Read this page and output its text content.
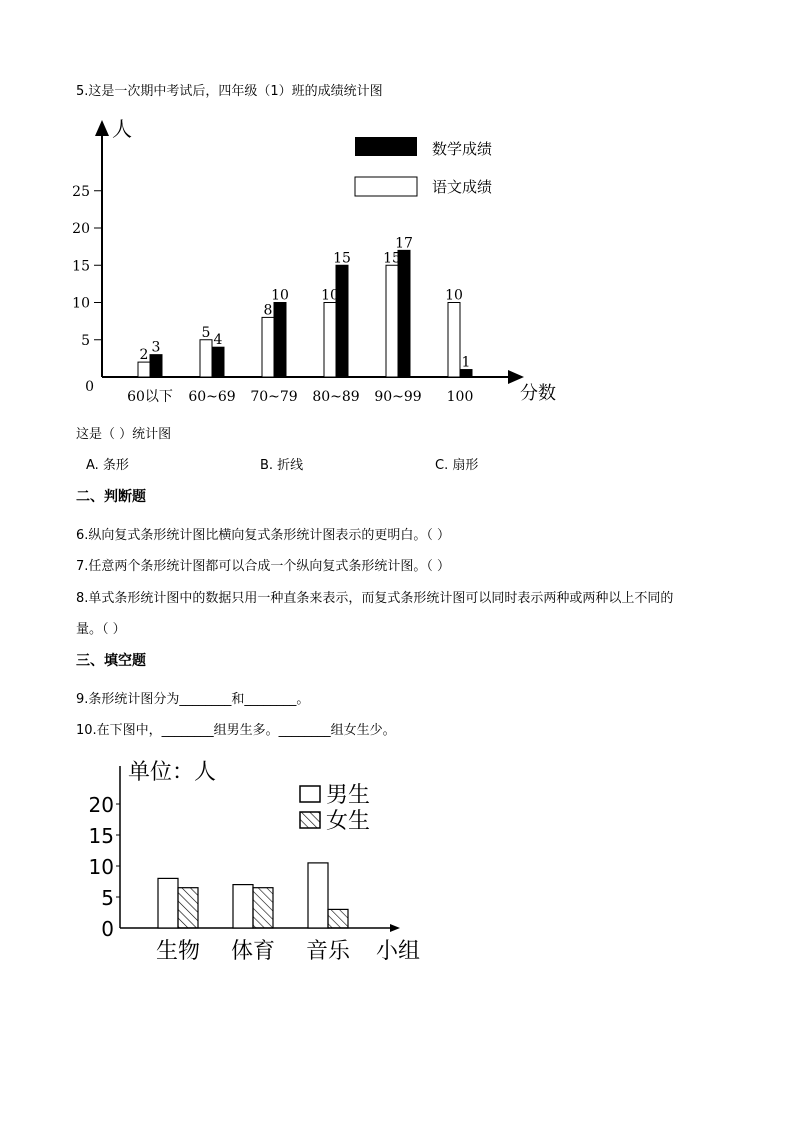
5.这是一次期中考试后，四年级（1）班的成绩统计图
人
分数
0
5
10
15
20
25
2 3
5 4
8
10 10
15 15
17
10
1
60以下 60~69 70~79 80~89 90~99 100
数学成绩
语文成绩
这是（ ）统计图
A. 条形	B. 折线	C. 扇形
二、判断题
6.纵向复式条形统计图比横向复式条形统计图表示的更明白。（ ）
7.任意两个条形统计图都可以合成一个纵向复式条形统计图。（ ）
8.单式条形统计图中的数据只用一种直条来表示，而复式条形统计图可以同时表示两种或两种以上不同的
量。（ ）
三、填空题
9.条形统计图分为________和________。
10.在下图中，________组男生多。________组女生少。
单位：人
小组
0
5
10
15
20
生物 体育 音乐
男生
女生
